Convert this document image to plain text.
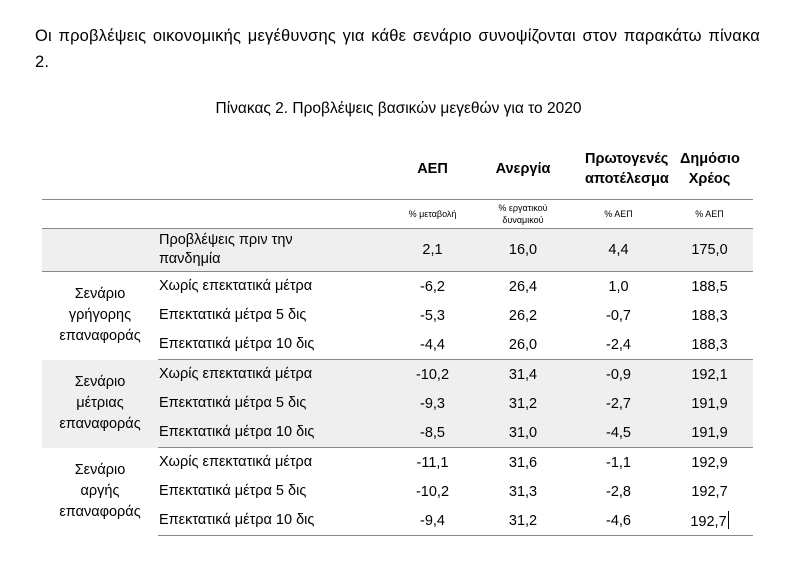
Οι προβλέψεις οικονομικής μεγέθυνσης για κάθε σενάριο συνοψίζονται στον παρακάτω πίνακα 2.

Πίνακας 2. Προβλέψεις βασικών μεγεθών για το 2020
		ΑΕΠ	Ανεργία	Πρωτογενές αποτέλεσμα	Δημόσιο Χρέος
		% μεταβολή	% εργατικού δυναμικού	% ΑΕΠ	% ΑΕΠ
	Προβλέψεις πριν την πανδημία	2,1	16,0	4,4	175,0
Σενάριο γρήγορης επαναφοράς	Χωρίς επεκτατικά μέτρα	-6,2	26,4	1,0	188,5
	Επεκτατικά μέτρα 5 δις	-5,3	26,2	-0,7	188,3
	Επεκτατικά μέτρα 10 δις	-4,4	26,0	-2,4	188,3
Σενάριο μέτριας επαναφοράς	Χωρίς επεκτατικά μέτρα	-10,2	31,4	-0,9	192,1
	Επεκτατικά μέτρα 5 δις	-9,3	31,2	-2,7	191,9
	Επεκτατικά μέτρα 10 δις	-8,5	31,0	-4,5	191,9
Σενάριο αργής επαναφοράς	Χωρίς επεκτατικά μέτρα	-11,1	31,6	-1,1	192,9
	Επεκτατικά μέτρα 5 δις	-10,2	31,3	-2,8	192,7
	Επεκτατικά μέτρα 10 δις	-9,4	31,2	-4,6	192,7
